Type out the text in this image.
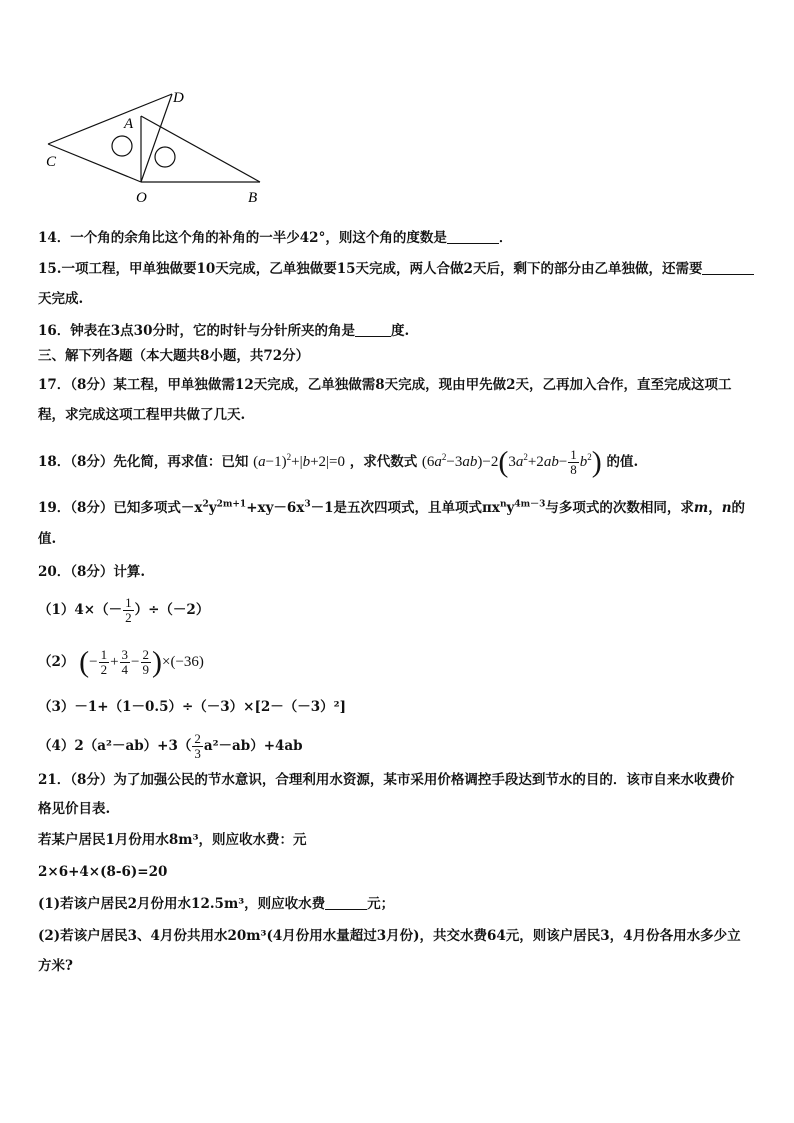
D
A
C
O	B
14．一个角的余角比这个角的补角的一半少42°，则这个角的度数是	．
15.一项工程，甲单独做要10天完成，乙单独做要15天完成，两人合做2天后，剩下的部分由乙单独做，还需要
天完成.
16．钟表在3点30分时，它的时针与分针所夹的角是	度.
三、解下列各题（本大题共8小题，共72分）
17．（8分）某工程，甲单独做需12天完成，乙单独做需8天完成，现由甲先做2天，乙再加入合作，直至完成这项工
程，求完成这项工程甲共做了几天.
18．（8分）先化简，再求值：已知 $(a-1)^2+|b+2|=0$ ，求代数式 $(6a^2-3ab)-2(3a^2+2ab- \frac{1}{8} b^2)$ 的值.
19．（8分）已知多项式$-x^2y^{2m+1}+xy-6x^3-1$是五次四项式，且单项式$\pi x^ny^{4m-3}$与多项式的次数相同，求m，n的
值.
20．（8分）计算.
$(1)4\times(- \frac{1}{2} )\div(-2)$
（2） (− $\frac{1}{2} + \frac{3}{4} - \frac{2}{9} )\times(-36)$
（3）－1+（1－0.5）÷（－3）×[2－（－3）²]
$(4)2(a^2-ab)+3( \frac{2}{3} a^2-ab)+4ab$
21．（8分）为了加强公民的节水意识，合理利用水资源，某市采用价格调控手段达到节水的目的．该市自来水收费价
格见价目表.
若某户居民1月份用水8m³，则应收水费：元
2×6+4×(8-6)=20
(1)若该户居民2月份用水12.5m³，则应收水费	元；
(2)若该户居民3、4月份共用水20m³(4月份用水量超过3月份)，共交水费64元，则该户居民3，4月份各用水多少立
方米?
